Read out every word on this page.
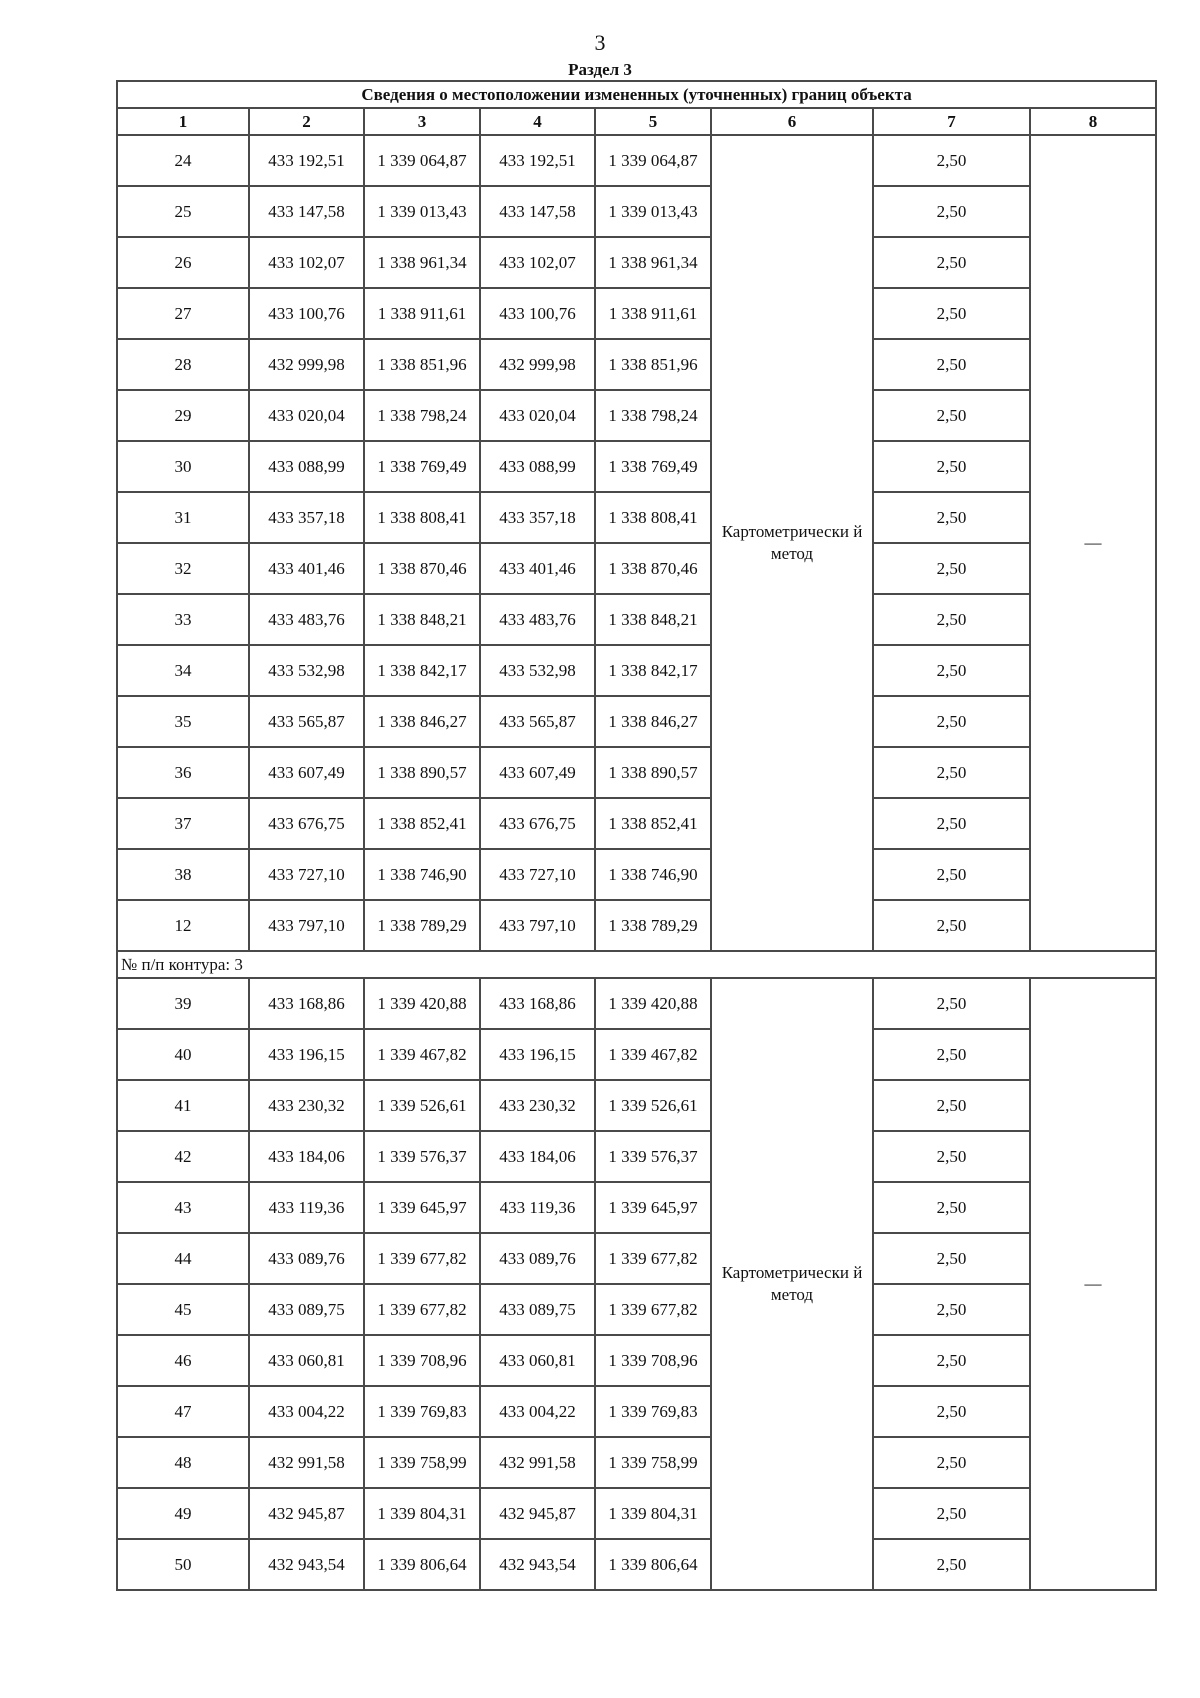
3
Раздел 3
Сведения о местоположении измененных (уточненных) границ объекта							
1	2	3	4	5	6	7	8
24	433 192,51	1 339 064,87	433 192,51	1 339 064,87	Картометрически й метод	2,50	—
25	433 147,58	1 339 013,43	433 147,58	1 339 013,43		2,50	
26	433 102,07	1 338 961,34	433 102,07	1 338 961,34		2,50	
27	433 100,76	1 338 911,61	433 100,76	1 338 911,61		2,50	
28	432 999,98	1 338 851,96	432 999,98	1 338 851,96		2,50	
29	433 020,04	1 338 798,24	433 020,04	1 338 798,24		2,50	
30	433 088,99	1 338 769,49	433 088,99	1 338 769,49		2,50	
31	433 357,18	1 338 808,41	433 357,18	1 338 808,41		2,50	
32	433 401,46	1 338 870,46	433 401,46	1 338 870,46		2,50	
33	433 483,76	1 338 848,21	433 483,76	1 338 848,21		2,50	
34	433 532,98	1 338 842,17	433 532,98	1 338 842,17		2,50	
35	433 565,87	1 338 846,27	433 565,87	1 338 846,27		2,50	
36	433 607,49	1 338 890,57	433 607,49	1 338 890,57		2,50	
37	433 676,75	1 338 852,41	433 676,75	1 338 852,41		2,50	
38	433 727,10	1 338 746,90	433 727,10	1 338 746,90		2,50	
12	433 797,10	1 338 789,29	433 797,10	1 338 789,29		2,50	
№ п/п контура: 3							
39	433 168,86	1 339 420,88	433 168,86	1 339 420,88	Картометрически й метод	2,50	—
40	433 196,15	1 339 467,82	433 196,15	1 339 467,82		2,50	
41	433 230,32	1 339 526,61	433 230,32	1 339 526,61		2,50	
42	433 184,06	1 339 576,37	433 184,06	1 339 576,37		2,50	
43	433 119,36	1 339 645,97	433 119,36	1 339 645,97		2,50	
44	433 089,76	1 339 677,82	433 089,76	1 339 677,82		2,50	
45	433 089,75	1 339 677,82	433 089,75	1 339 677,82		2,50	
46	433 060,81	1 339 708,96	433 060,81	1 339 708,96		2,50	
47	433 004,22	1 339 769,83	433 004,22	1 339 769,83		2,50	
48	432 991,58	1 339 758,99	432 991,58	1 339 758,99		2,50	
49	432 945,87	1 339 804,31	432 945,87	1 339 804,31		2,50	
50	432 943,54	1 339 806,64	432 943,54	1 339 806,64		2,50	
